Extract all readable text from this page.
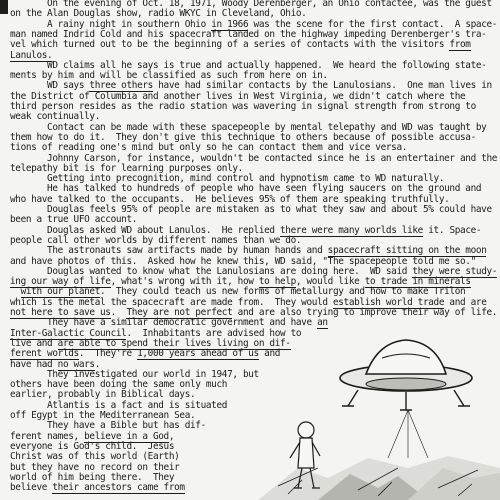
On the evening of Oct. 18, 1971, Woody Derenberger, an Ohio contactee, was the guest
on the Alan Douglas show, radio WKYC in Cleveland, Ohio.
A rainy night in southern Ohio in 1966 was the scene for the first contact.  A space-
man named Indrid Cold and his spacecraft landed on the highway impeding Derenberger's tra-
vel which turned out to be the beginning of a series of contacts with the visitors from
Lanulos.
WD claims all he says is true and actually happened.  We heard the following state-
ments by him and will be classified as such from here on in.
WD says three others have had similar contacts by the Lanulosians.  One man lives in
the District of Columbia and another lives in West Virginia, we didn't catch where the
third person resides as the radio station was wavering in signal strength from strong to
weak continually.
Contact can be made with these spacepeople by mental telepathy and WD was taught by
them how to do it.  They don't give this technique to others because of possible accusa-
tions of reading one's mind but only so he can contact them and vice versa.
Johnny Carson, for instance, wouldn't be contacted since he is an entertainer and the
telepathy bit is for learning purposes only.
Getting into precognition, mind control and hypnotism came to WD naturally.
He has talked to hundreds of people who have seen flying saucers on the ground and
who have talked to the occupants.  He believes 95% of them are speaking truthfully.
Douglas feels 95% of people are mistaken as to what they saw and about 5% could have
been a true UFO account.
Douglas asked WD about Lanulos.  He replied there were many worlds like it. Space-
people call other worlds by different names than we do.
The astronauts saw artifacts made by human hands and spacecraft sitting on the moon
and have photos of this.  Asked how he knew this, WD said, "The spacepeople told me so."
Douglas wanted to know what the Lanulosians are doing here.  WD said they were study-
ing our way of life, what's wrong with it, how to help, would like to trade in minerals
with our planet.  They could teach us new forms of metallurgy and how to make Trilon
which is the metal the spacecraft are made from.  They would establish world trade and are
not here to save us.  They are not perfect and are also trying to improve their way of life.
They have a similar democratic government and have an
Inter-Galactic Council.  Inhabitants are advised how to
live and are able to spend their lives living on dif-
ferent worlds.  They're 1,000 years ahead of us and
have had no wars.
They investigated our world in 1947, but
others have been doing the same only much
earlier, probably in Biblical days.
Atlantis is a fact and is situated
off Egypt in the Mediterranean Sea.
They have a Bible but has dif-
ferent names, believe in a God,
everyone is God's child.  Jesus
Christ was of this world (Earth)
but they have no record on their
world of him being there.  They
believe their ancestors came from
